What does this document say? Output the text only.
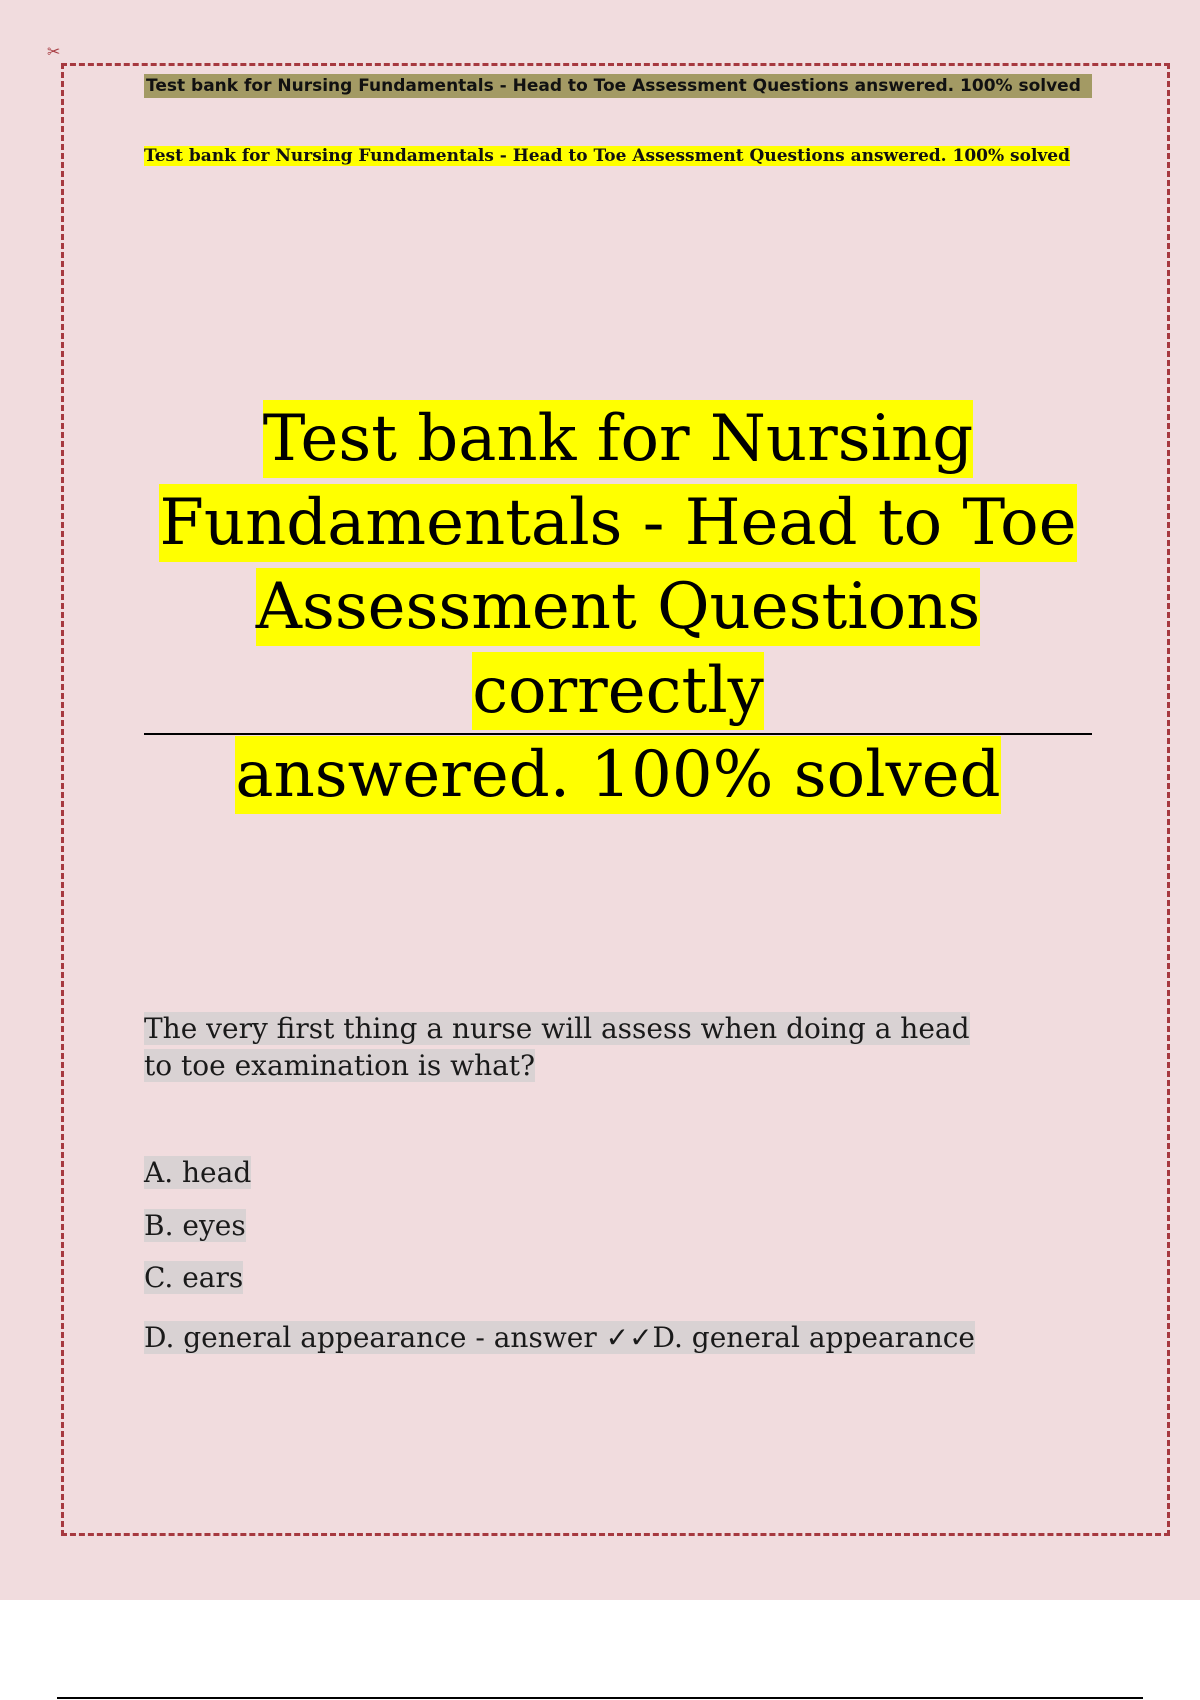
✂
Test bank for Nursing Fundamentals - Head to Toe Assessment Questions answered. 100% solved
Test bank for Nursing Fundamentals - Head to Toe Assessment Questions answered. 100% solved
Test bank for Nursing
Fundamentals - Head to Toe
Assessment Questions correctly
answered. 100% solved
The very first thing a nurse will assess when doing a head to toe examination is what?
A. head
B. eyes
C. ears
D. general appearance - answer ✓✓D. general appearance
